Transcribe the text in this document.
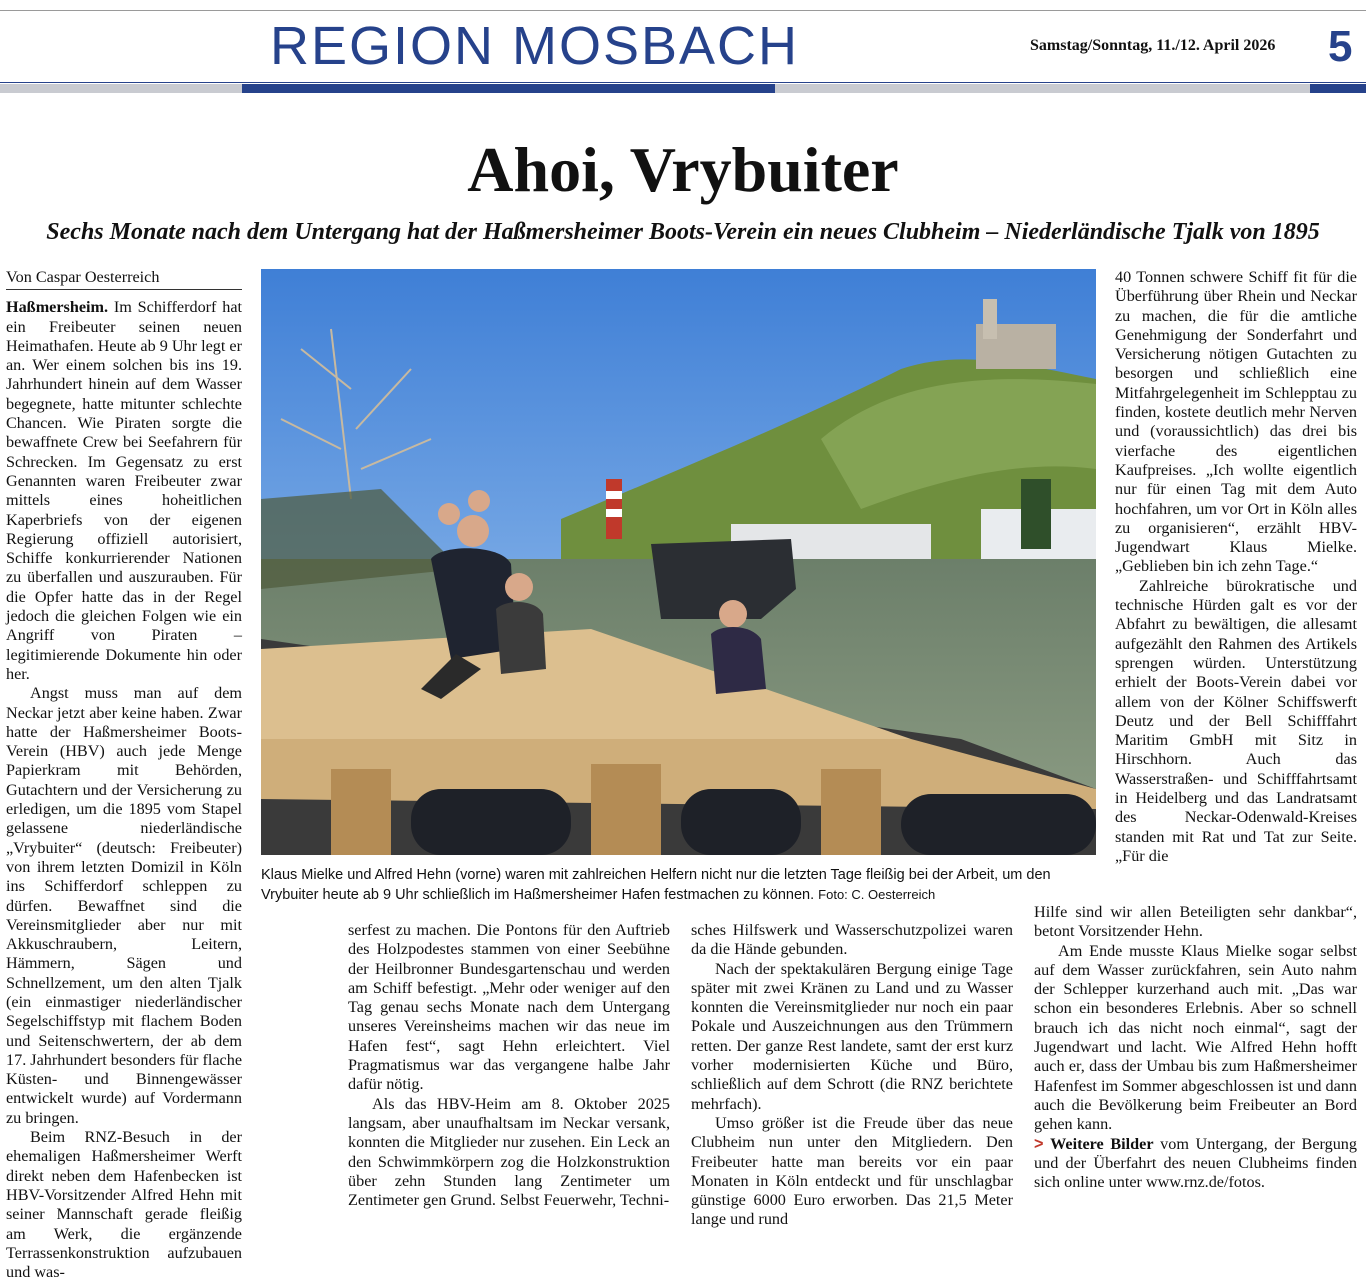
REGION MOSBACH	Samstag/Sonntag, 11./12. April 2026 5
Ahoi, Vrybuiter
Sechs Monate nach dem Untergang hat der Haßmersheimer Boots-Verein ein neues Clubheim – Niederländische Tjalk von 1895
Von Caspar Oesterreich

Haßmersheim. Im Schifferdorf hat ein Freibeuter seinen neuen Heimathafen. Heute ab 9 Uhr legt er an. Wer einem solchen bis ins 19. Jahrhundert hinein auf dem Wasser begegnete, hatte mitunter schlechte Chancen. Wie Piraten sorgte die bewaffnete Crew bei Seefahrern für Schrecken. Im Gegensatz zu erst Genannten waren Freibeuter zwar mittels eines hoheitlichen Kaperbriefs von der eigenen Regierung offiziell autorisiert, Schiffe konkurrierender Nationen zu überfallen und auszurauben. Für die Opfer hatte das in der Regel jedoch die gleichen Folgen wie ein Angriff von Piraten – legitimierende Dokumente hin oder her.

Angst muss man auf dem Neckar jetzt aber keine haben. Zwar hatte der Haßmersheimer Boots-Verein (HBV) auch jede Menge Papierkram mit Behörden, Gutachtern und der Versicherung zu erledigen, um die 1895 vom Stapel gelassene niederländische „Vrybuiter“ (deutsch: Freibeuter) von ihrem letzten Domizil in Köln ins Schifferdorf schleppen zu dürfen. Bewaffnet sind die Vereinsmitglieder aber nur mit Akkuschraubern, Leitern, Hämmern, Sägen und Schnellzement, um den alten Tjalk (ein einmastiger niederländischer Segelschiffstyp mit flachem Boden und Seitenschwertern, der ab dem 17. Jahrhundert besonders für flache Küsten- und Binnengewässer entwickelt wurde) auf Vordermann zu bringen.

Beim RNZ-Besuch in der ehemaligen Haßmersheimer Werft direkt neben dem Hafenbecken ist HBV-Vorsitzender Alfred Hehn mit seiner Mannschaft gerade fleißig am Werk, die ergänzende Terrassenkonstruktion aufzubauen und was-

Klaus Mielke und Alfred Hehn (vorne) waren mit zahlreichen Helfern nicht nur die letzten Tage fleißig bei der Arbeit, um den Vrybuiter heute ab 9 Uhr schließlich im Haßmersheimer Hafen festmachen zu können. Foto: C. Oesterreich

serfest zu machen. Die Pontons für den Auftrieb des Holzpodestes stammen von einer Seebühne der Heilbronner Bundesgartenschau und werden am Schiff befestigt. „Mehr oder weniger auf den Tag genau sechs Monate nach dem Untergang unseres Vereinsheims machen wir das neue im Hafen fest“, sagt Hehn erleichtert. Viel Pragmatismus war das vergangene halbe Jahr dafür nötig.

Als das HBV-Heim am 8. Oktober 2025 langsam, aber unaufhaltsam im Neckar versank, konnten die Mitglieder nur zusehen. Ein Leck an den Schwimmkörpern zog die Holzkonstruktion über zehn Stunden lang Zentimeter um Zentimeter gen Grund. Selbst Feuerwehr, Techni-

sches Hilfswerk und Wasserschutzpolizei waren da die Hände gebunden.

Nach der spektakulären Bergung einige Tage später mit zwei Kränen zu Land und zu Wasser konnten die Vereinsmitglieder nur noch ein paar Pokale und Auszeichnungen aus den Trümmern retten. Der ganze Rest landete, samt der erst kurz vorher modernisierten Küche und Büro, schließlich auf dem Schrott (die RNZ berichtete mehrfach).

Umso größer ist die Freude über das neue Clubheim nun unter den Mitgliedern. Den Freibeuter hatte man bereits vor ein paar Monaten in Köln entdeckt und für unschlagbar günstige 6000 Euro erworben. Das 21,5 Meter lange und rund

40 Tonnen schwere Schiff fit für die Überführung über Rhein und Neckar zu machen, die für die amtliche Genehmigung der Sonderfahrt und Versicherung nötigen Gutachten zu besorgen und schließlich eine Mitfahrgelegenheit im Schlepptau zu finden, kostete deutlich mehr Nerven und (voraussichtlich) das drei bis vierfache des eigentlichen Kaufpreises. „Ich wollte eigentlich nur für einen Tag mit dem Auto hochfahren, um vor Ort in Köln alles zu organisieren“, erzählt HBV-Jugendwart Klaus Mielke. „Geblieben bin ich zehn Tage.“

Zahlreiche bürokratische und technische Hürden galt es vor der Abfahrt zu bewältigen, die allesamt aufgezählt den Rahmen des Artikels sprengen würden. Unterstützung erhielt der Boots-Verein dabei vor allem von der Kölner Schiffswerft Deutz und der Bell Schifffahrt Maritim GmbH mit Sitz in Hirschhorn. Auch das Wasserstraßen- und Schifffahrtsamt in Heidelberg und das Landratsamt des Neckar-Odenwald-Kreises standen mit Rat und Tat zur Seite. „Für die

Hilfe sind wir allen Beteiligten sehr dankbar“, betont Vorsitzender Hehn.

Am Ende musste Klaus Mielke sogar selbst auf dem Wasser zurückfahren, sein Auto nahm der Schlepper kurzerhand auch mit. „Das war schon ein besonderes Erlebnis. Aber so schnell brauch ich das nicht noch einmal“, sagt der Jugendwart und lacht. Wie Alfred Hehn hofft auch er, dass der Umbau bis zum Haßmersheimer Hafenfest im Sommer abgeschlossen ist und dann auch die Bevölkerung beim Freibeuter an Bord gehen kann.

> Weitere Bilder vom Untergang, der Bergung und der Überfahrt des neuen Clubheims finden sich online unter www.rnz.de/fotos.
